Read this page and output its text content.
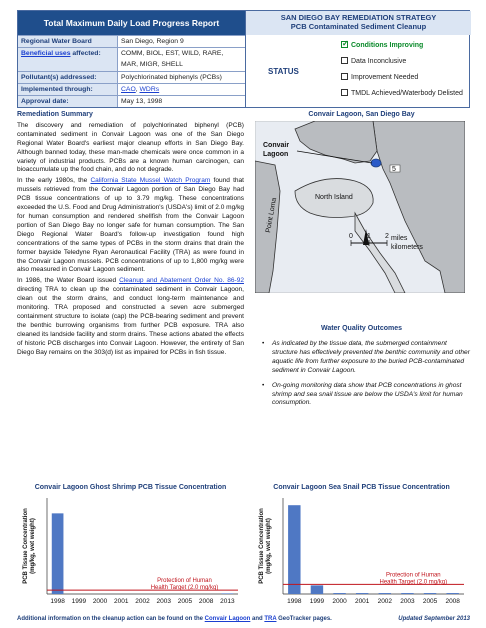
Total Maximum Daily Load Progress Report
Regional Water Board	San Diego, Region 9
Beneficial uses affected:	COMM, BIOL, EST, WILD, RARE,
MAR, MIGR, SHELL
Pollutant(s) addressed:	Polychlorinated biphenyls (PCBs)
Implemented through:	CAO, WDRs
Approval date:	May 13, 1998
SAN DIEGO BAY REMEDIATION STRATEGY
PCB Contaminated Sediment Cleanup
STATUS
✓Conditions Improving
Data Inconclusive
Improvement Needed
TMDL Achieved/Waterbody Delisted
Remediation Summary

The discovery and remediation of polychlorinated biphenyl (PCB) contaminated sediment in Convair Lagoon was one of the San Diego Regional Water Board's earliest major cleanup efforts in San Diego Bay. Although banned today, these man-made chemicals were once common in a variety of industrial products. PCBs are a known human carcinogen, can bioaccumulate up the food chain, and do not degrade.

In the early 1980s, the California State Mussel Watch Program found that mussels retrieved from the Convair Lagoon portion of San Diego Bay had PCB tissue concentrations of up to 3.79 mg/kg. These concentrations exceeded the U.S. Food and Drug Administration's (USDA's) limit of 2.0 mg/kg for human consumption and rendered shellfish from the Convair Lagoon portion of San Diego Bay no longer safe for human consumption. The San Diego Regional Water Board's follow-up investigation found high concentrations of the same types of PCBs in the storm drains that drain the former bayside Teledyne Ryan Aeronautical Facility (TRA) as were found in the Convair Lagoon mussels. PCB concentrations of up to 1,800 mg/kg were also measured in Convair Lagoon sediment.

In 1986, the Water Board issued Cleanup and Abatement Order No. 86-92 directing TRA to clean up the contaminated sediment in Convair Lagoon, clean out the storm drains, and conduct long-term maintenance and monitoring. TRA proposed and constructed a seven acre submerged containment structure to isolate (cap) the PCB-bearing sediment and prevent the benthic burrowing organisms from further PCB exposure. TRA also cleaned its landside facility and storm drains. These actions abated the effects of historic PCB discharges into Convair Lagoon. However, the entirety of San Diego Bay remains on the 303(d) list as impaired for PCBs in fish tissue.

Convair Lagoon, San Diego Bay
Convair
Lagoon
North Island
Point Loma
5
0 1 2 miles
kilometers
Water Quality Outcomes
• As indicated by the tissue data, the submerged containment structure has effectively prevented the benthic community and other aquatic life from further exposure to the buried PCB-contaminated sediment in Convair Lagoon.
• On-going monitoring data show that PCB concentrations in ghost shrimp and sea snail tissue are below the USDA's limit for human consumption.
Convair Lagoon Ghost Shrimp PCB Tissue Concentration
PCB Tissue Concentration (mg/kg, wet weight)
1998 1999 2000 2001 2002 2003 2005 2008 2013
Protection of Human
Health Target (2.0 mg/kg)
Convair Lagoon Sea Snail PCB Tissue Concentration
PCB Tissue Concentration (mg/kg, wet weight)
1998 1999 2000 2001 2002 2003 2005 2008
Protection of Human
Health Target (2.0 mg/kg)
Additional information on the cleanup action can be found on the Convair Lagoon and TRA GeoTracker pages.	Updated September 2013
